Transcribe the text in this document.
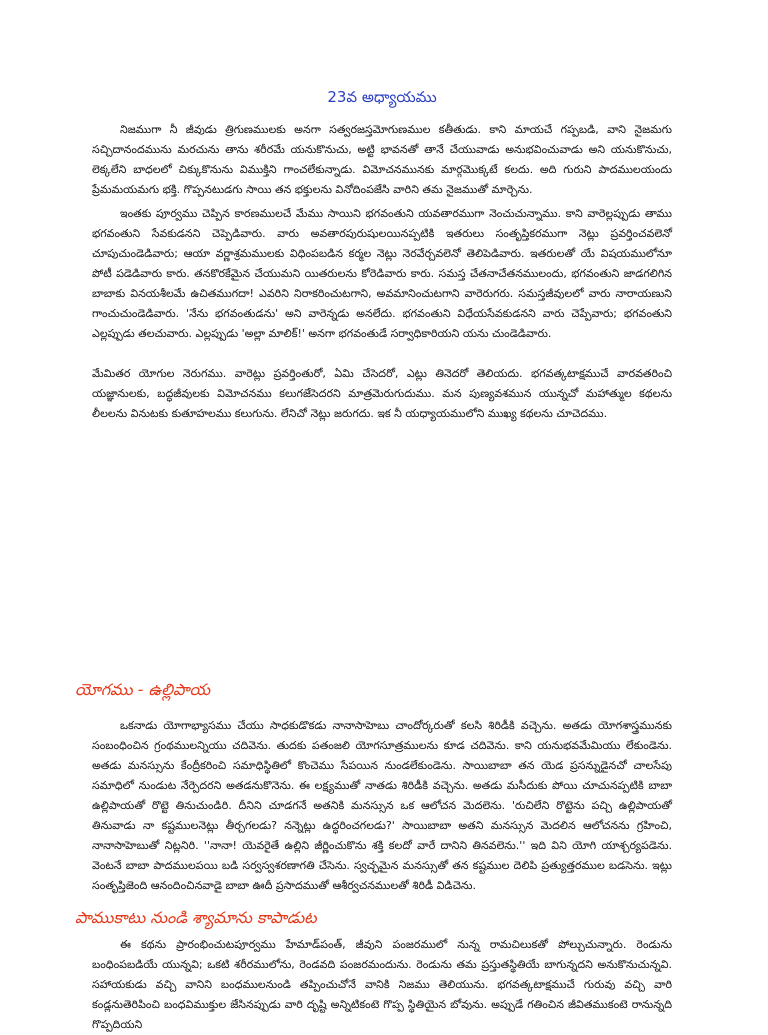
23వ అధ్యాయము

నిజముగా నీ జీవుడు త్రిగుణములకు అనగా సత్వరజస్తమోగుణముల కతీతుడు. కాని మాయచే గప్పబడి, వాని నైజమగు సచ్చిదానందమును మరచును తాను శరీరమే యనుకొనుచు, అట్టి భావనతో తానే చేయువాడు అనుభవించువాడు అని యనుకొనుచు, లెక్కలేని బాధలలో చిక్కుకొనును విముక్తిని గాంచలేకున్నాడు. విమోచనమునకు మార్గమొక్కటే కలదు. అది గురుని పాదములయందు ప్రేమమయమగు భక్తి. గొప్పనటుడగు సాయి తన భక్తులను వినోదింపజేసి వారిని తమ నైజముతో మార్చెను.

ఇంతకు పూర్వము చెప్పిన కారణములచే మేము సాయిని భగవంతుని యవతారముగా నెంచుచున్నాము. కాని వారెల్లప్పుడు తాము భగవంతుని సేవకుడనని చెప్పెడివారు. వారు అవతారపురుషులయినప్పటికి ఇతరులు సంతృప్తికరముగా నెట్లు ప్రవర్తించవలెనో చూపుచుండెడివారు; ఆయా వర్ణాశ్రమములకు విధింపబడిన కర్మల నెట్లు నెరవేర్చవలెనో తెలిపెడివారు. ఇతరులతో యే విషయములోనూ పోటీ పడెడివారు కారు. తనకొరకేమైన చేయుమని యితరులను కోరెడివారు కారు. సమస్త చేతనాచేతనములందు, భగవంతుని జాడగలిగిన బాబాకు వినయశీలమే ఉచితముగదా! ఎవరిని నిరాకరించుటగాని, అవమానించుటగాని వారెరుగరు. సమస్తజీవులలో వారు నారాయణుని గాంచుచుండెడివారు. 'నేను భగవంతుడను' అని వారెన్నడు అనలేదు. భగవంతుని విధేయసేవకుడనని వారు చెప్పేవారు; భగవంతుని ఎల్లప్పుడు తలచువారు. ఎల్లప్పుడు 'అల్లా మాలిక్!' అనగా భగవంతుడే సర్వాధికారియని యను చుండెడివారు.

మేమితర యోగుల నెరుగము. వారెట్లు ప్రవర్తింతురో, ఏమి చేసెదరో, ఎట్లు తినెదరో తెలియదు. భగవత్కటాక్షముచే వారవతరించి యజ్ఞానులకు, బద్ధజీవులకు విమోచనము కలుగజేసెదరని మాత్రమెరుగుదుము. మన పుణ్యవశమున యున్నచో మహాత్ముల కథలను లీలలను వినుటకు కుతూహలము కలుగును. లేనిచో నెట్లు జరుగదు. ఇక నీ యధ్యాయములోని ముఖ్య కథలను చూచెదము.

యోగము - ఉల్లిపాయ

ఒకనాడు యోగాభ్యాసము చేయు సాధకుడొకడు నానాసాహెబు చాందోర్కరుతో కలసి శిరిడీకి వచ్చెను. అతడు యోగశాస్త్రమునకు సంబంధించిన గ్రంథములన్నియు చదివెను. తుదకు పతంజలి యోగసూత్రములను కూడ చదివెను. కాని యనుభవమేమియు లేకుండెను. అతడు మనస్సును కేంద్రీకరించి సమాధిస్థితిలో కొంచెము సేపయిన నుండలేకుండెను. సాయిబాబా తన యెడ ప్రసన్నుడైనచో చాలసేపు సమాధిలో నుండుట నేర్పెదరని అతడనుకొనెను. ఈ లక్ష్యముతో నాతడు శిరిడీకి వచ్చెను. అతడు మసీదుకు పోయి చూచునప్పటికి బాబా ఉల్లిపాయతో రొట్టె తినుచుండిరి. దీనిని చూడగనే అతనికి మనస్సున ఒక ఆలోచన మెదలెను. 'రుచిలేని రొట్టెను పచ్చి ఉల్లిపాయతో తినువాడు నా కష్టములనెట్లు తీర్చగలడు? నన్నెట్లు ఉద్ధరించగలడు?' సాయిబాబా అతని మనస్సున మెదలిన ఆలోచనను గ్రహించి, నానాసాహెబుతో నిట్లనిరి. ''నానా! యెవరైతే ఉల్లిని జీర్ణించుకొను శక్తి కలదో వారే దానిని తినవలెను.'' ఇది విని యోగి యాశ్చర్యపడెను. వెంటనే బాబా పాదములపయి బడి సర్వస్వశరణాగతి చేసెను. స్వచ్ఛమైన మనస్సుతో తన కష్టముల దెలిపి ప్రత్యుత్తరముల బడసెను. ఇట్లు సంతృప్తిజెంది ఆనందించినవాడై బాబా ఊదీ ప్రసాదముతో ఆశీర్వచనములతో శిరిడీ విడిచెను.

పాముకాటు నుండి శ్యామాను కాపాడుట

ఈ కథను ప్రారంభించుటపూర్వము హేమాడ్‌పంత్, జీవుని పంజరములో నున్న రామచిలుకతో పోల్చుచున్నారు. రెండును బంధింపబడియే యున్నవి; ఒకటి శరీరములోను, రెండవది పంజరమందును. రెండును తమ ప్రస్తుతస్థితియే బాగున్నదని అనుకొనుచున్నవి. సహాయకుడు వచ్చి వానిని బంధములనుండి తప్పించుచోనే వానికి నిజము తెలియును. భగవత్కటాక్షముచే గురువు వచ్చి వారి కండ్లనుతెరిపించి బంధవిముక్తుల జేసినప్పుడు వారి దృష్టి అన్నిటికంటె గొప్ప స్థితియైన బోవును. అప్పుడే గతించిన జీవితముకంటె రానున్నది గొప్పదియని
